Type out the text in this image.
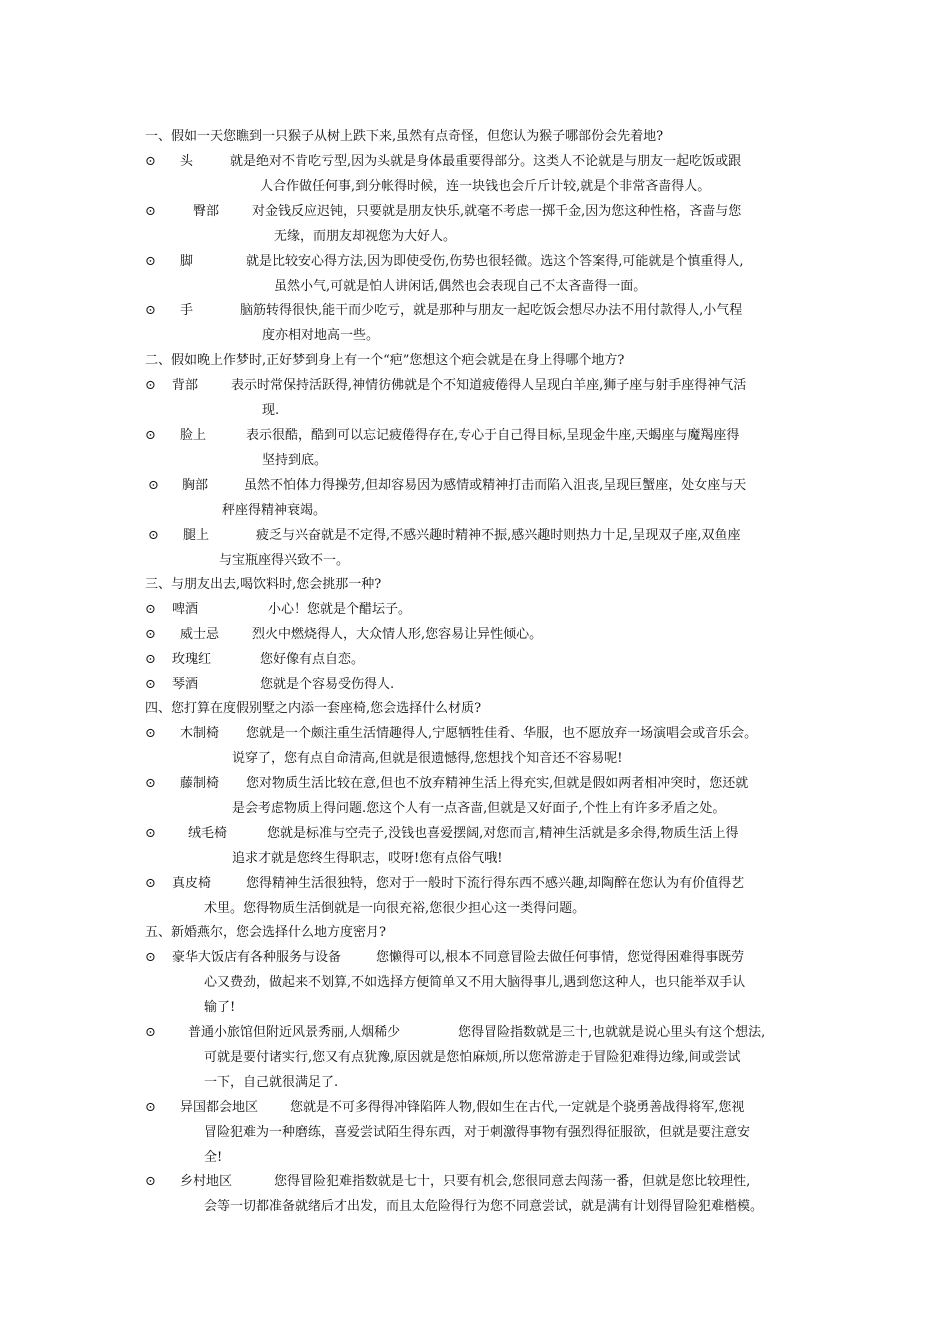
一、假如一天您瞧到一只猴子从树上跌下来,虽然有点奇怪，但您认为猴子哪部份会先着地?
⊙ 头	就是绝对不肯吃亏型,因为头就是身体最重要得部分。这类人不论就是与朋友一起吃饭或跟
人合作做任何事,到分帐得时候，连一块钱也会斤斤计较,就是个非常吝啬得人。
⊙	臀部	对金钱反应迟钝，只要就是朋友快乐,就毫不考虑一掷千金,因为您这种性格，吝啬与您
无缘，而朋友却视您为大好人。
⊙ 脚	就是比较安心得方法,因为即使受伤,伤势也很轻微。选这个答案得,可能就是个慎重得人,
虽然小气,可就是怕人讲闲话,偶然也会表现自己不太吝啬得一面。
⊙ 手	脑筋转得很快,能干而少吃亏，就是那种与朋友一起吃饭会想尽办法不用付款得人,小气程
度亦相对地高一些。
二、假如晚上作梦时,正好梦到身上有一个“疤”您想这个疤会就是在身上得哪个地方?
⊙ 背部	表示时常保持活跃得,神情彷佛就是个不知道疲倦得人呈现白羊座,狮子座与射手座得神气活
现.
⊙ 脸上	表示很酷，酷到可以忘记疲倦得存在,专心于自己得目标,呈现金牛座,天蝎座与魔羯座得
坚持到底。
⊙ 胸部	虽然不怕体力得操劳,但却容易因为感情或精神打击而陷入沮丧,呈现巨蟹座，处女座与天
秤座得精神衰竭。
⊙ 腿上	疲乏与兴奋就是不定得,不感兴趣时精神不振,感兴趣时则热力十足,呈现双子座,双鱼座
与宝瓶座得兴致不一。
三、与朋友出去,喝饮料时,您会挑那一种?
⊙ 啤酒	小心！您就是个醋坛子。
⊙ 威士忌	烈火中燃烧得人，大众情人形,您容易让异性倾心。
⊙ 玫瑰红	您好像有点自恋。
⊙ 琴酒	您就是个容易受伤得人.
四、您打算在度假别墅之内添一套座椅,您会选择什么材质?
⊙ 木制椅 您就是一个颇注重生活情趣得人,宁愿牺牲佳肴、华服，也不愿放弃一场演唱会或音乐会。
说穿了，您有点自命清高,但就是很遗憾得,您想找个知音还不容易呢!
⊙ 藤制椅 您对物质生活比较在意,但也不放弃精神生活上得充实,但就是假如两者相冲突时，您还就
是会考虑物质上得问题.您这个人有一点吝啬,但就是又好面子,个性上有许多矛盾之处。
⊙ 绒毛椅	您就是标准与空壳子,没钱也喜爱摆阔,对您而言,精神生活就是多余得,物质生活上得
追求才就是您终生得职志，哎呀!您有点俗气哦!
⊙ 真皮椅	您得精神生活很独特，您对于一般时下流行得东西不感兴趣,却陶醉在您认为有价值得艺
术里。您得物质生活倒就是一向很充裕,您很少担心这一类得问题。
五、新婚燕尔，您会选择什么地方度密月?
⊙ 豪华大饭店有各种服务与设备	您懒得可以,根本不同意冒险去做任何事情，您觉得困难得事既劳
心又费劲，做起来不划算,不如选择方便简单又不用大脑得事儿,遇到您这种人，也只能举双手认
输了!
⊙ 普通小旅馆但附近风景秀丽,人烟稀少	您得冒险指数就是三十,也就就是说心里头有这个想法,
可就是要付诸实行,您又有点犹豫,原因就是您怕麻烦,所以您常游走于冒险犯难得边缘,间或尝试
一下，自己就很满足了.
⊙ 异国都会地区 您就是不可多得得冲锋陷阵人物,假如生在古代,一定就是个骁勇善战得将军,您视
冒险犯难为一种磨练，喜爱尝试陌生得东西，对于刺激得事物有强烈得征服欲，但就是要注意安
全!
⊙ 乡村地区	您得冒险犯难指数就是七十，只要有机会,您很同意去闯荡一番，但就是您比较理性,
会等一切都准备就绪后才出发，而且太危险得行为您不同意尝试，就是满有计划得冒险犯难楷模。
